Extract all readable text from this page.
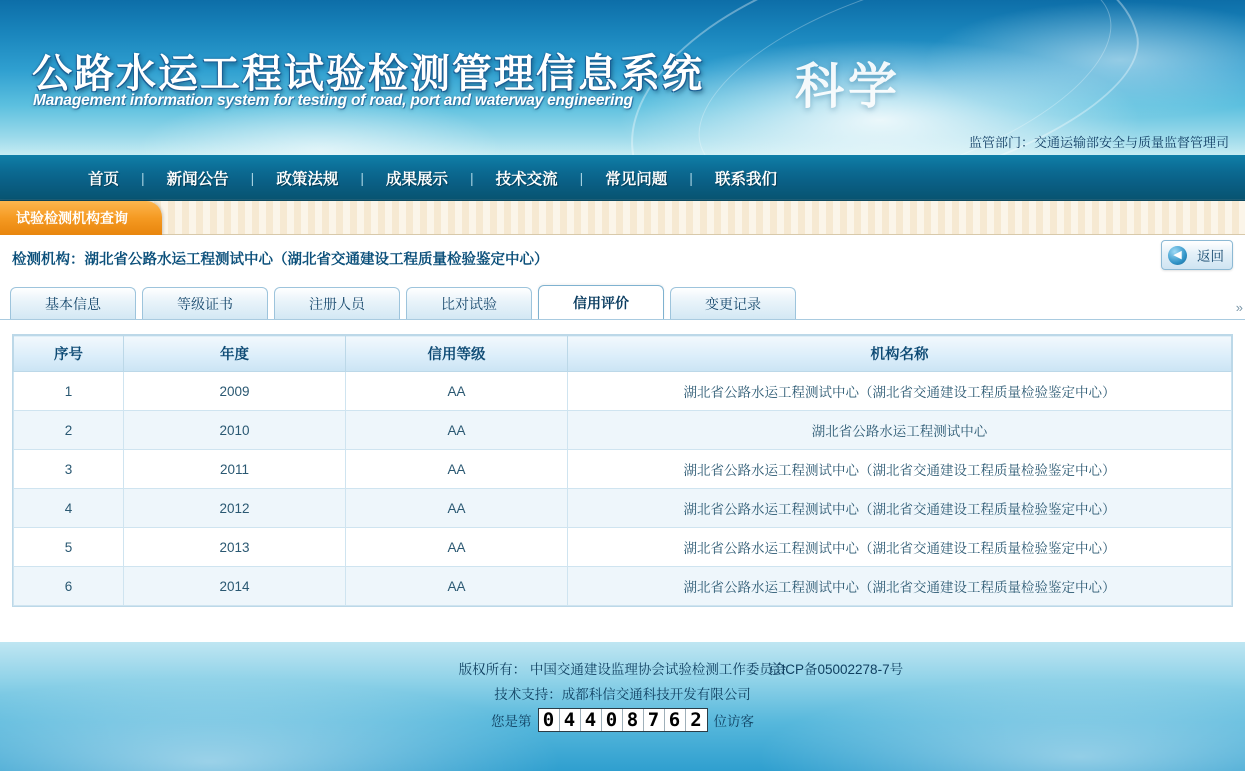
科学
公路水运工程试验检测管理信息系统
Management information system for testing of road, port and waterway engineering
监管部门：交通运输部安全与质量监督管理司
首页	|	新闻公告	|	政策法规	|	成果展示	|	技术交流	|	常见问题	|	联系我们
试验检测机构查询
检测机构：湖北省公路水运工程测试中心（湖北省交通建设工程质量检验鉴定中心）	◀	返回
基本信息	等级证书	注册人员	比对试验	信用评价	变更记录	»
序号	年度	信用等级	机构名称
1	2009	AA	湖北省公路水运工程测试中心（湖北省交通建设工程质量检验鉴定中心）
2	2010	AA	湖北省公路水运工程测试中心
3	2011	AA	湖北省公路水运工程测试中心（湖北省交通建设工程质量检验鉴定中心）
4	2012	AA	湖北省公路水运工程测试中心（湖北省交通建设工程质量检验鉴定中心）
5	2013	AA	湖北省公路水运工程测试中心（湖北省交通建设工程质量检验鉴定中心）
6	2014	AA	湖北省公路水运工程测试中心（湖北省交通建设工程质量检验鉴定中心）
版权所有： 中国交通建设监理协会试验检测工作委员会
京ICP备05002278-7号
技术支持：成都科信交通科技开发有限公司
您是第 0 4 4 0 8 7 6 2 位访客
